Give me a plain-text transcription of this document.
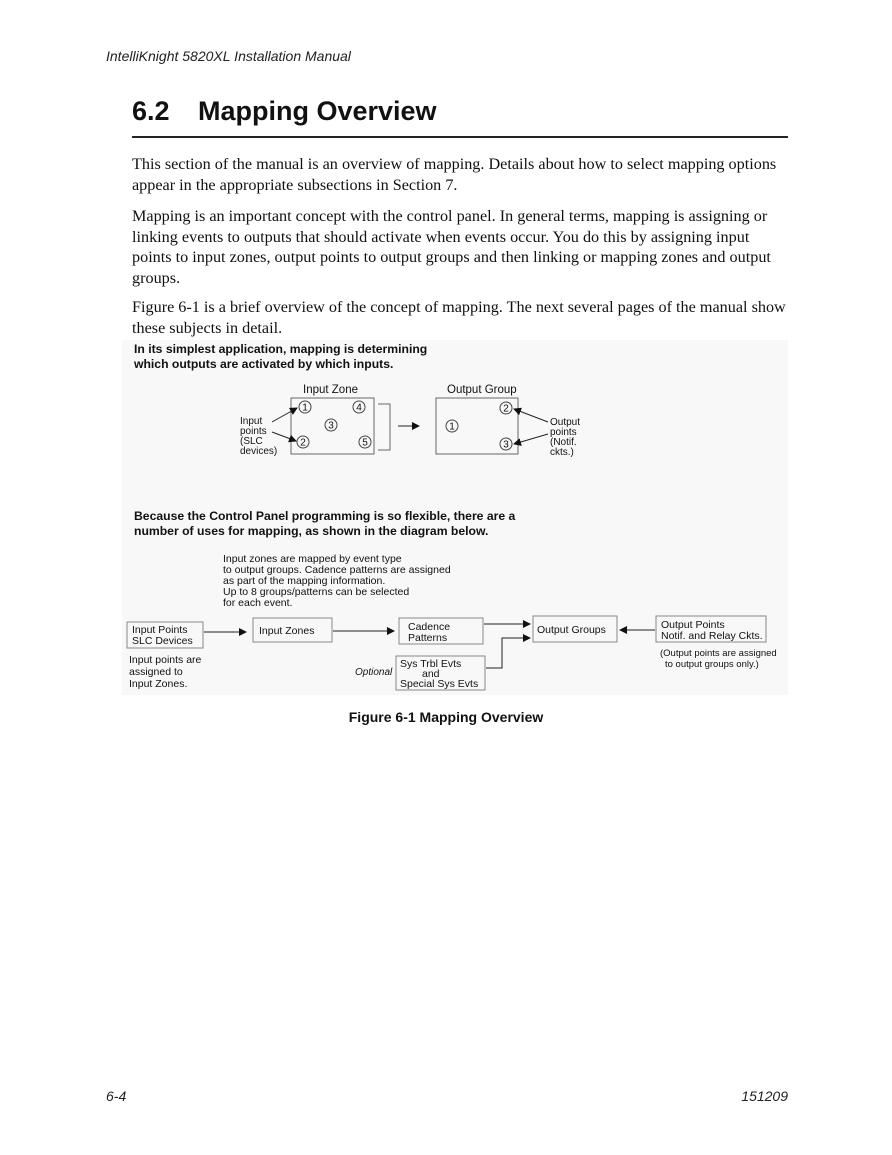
IntelliKnight 5820XL Installation Manual
6.2	Mapping Overview

This section of the manual is an overview of mapping. Details about how to select mapping options appear in the appropriate subsections in Section 7.

Mapping is an important concept with the control panel. In general terms, mapping is assigning or linking events to outputs that should activate when events occur. You do this by assigning input points to input zones, output points to output groups and then linking or mapping zones and output groups.

Figure 6-1 is a brief overview of the concept of mapping. The next several pages of the manual show these subjects in detail.

In its simplest application, mapping is determining
which outputs are activated by which inputs.
Input Zone	Output Group
1	4
3
2	5
2
1
3
Input
points
(SLC
devices)
Output
points
(Notif.
ckts.)
Because the Control Panel programming is so flexible, there are a
number of uses for mapping, as shown in the diagram below.
Input zones are mapped by event type
to output groups. Cadence patterns are assigned
as part of the mapping information.
Up to 8 groups/patterns can be selected
for each event.
Input Points
SLC Devices
Input Zones	Cadence
Patterns
Output Groups	Output Points
Notif. and Relay Ckts.
Sys Trbl Evts
and
Special Sys Evts
Optional
Input points are
assigned to
Input Zones.
(Output points are assigned
to output groups only.)
Figure 6-1 Mapping Overview
6-4	151209
